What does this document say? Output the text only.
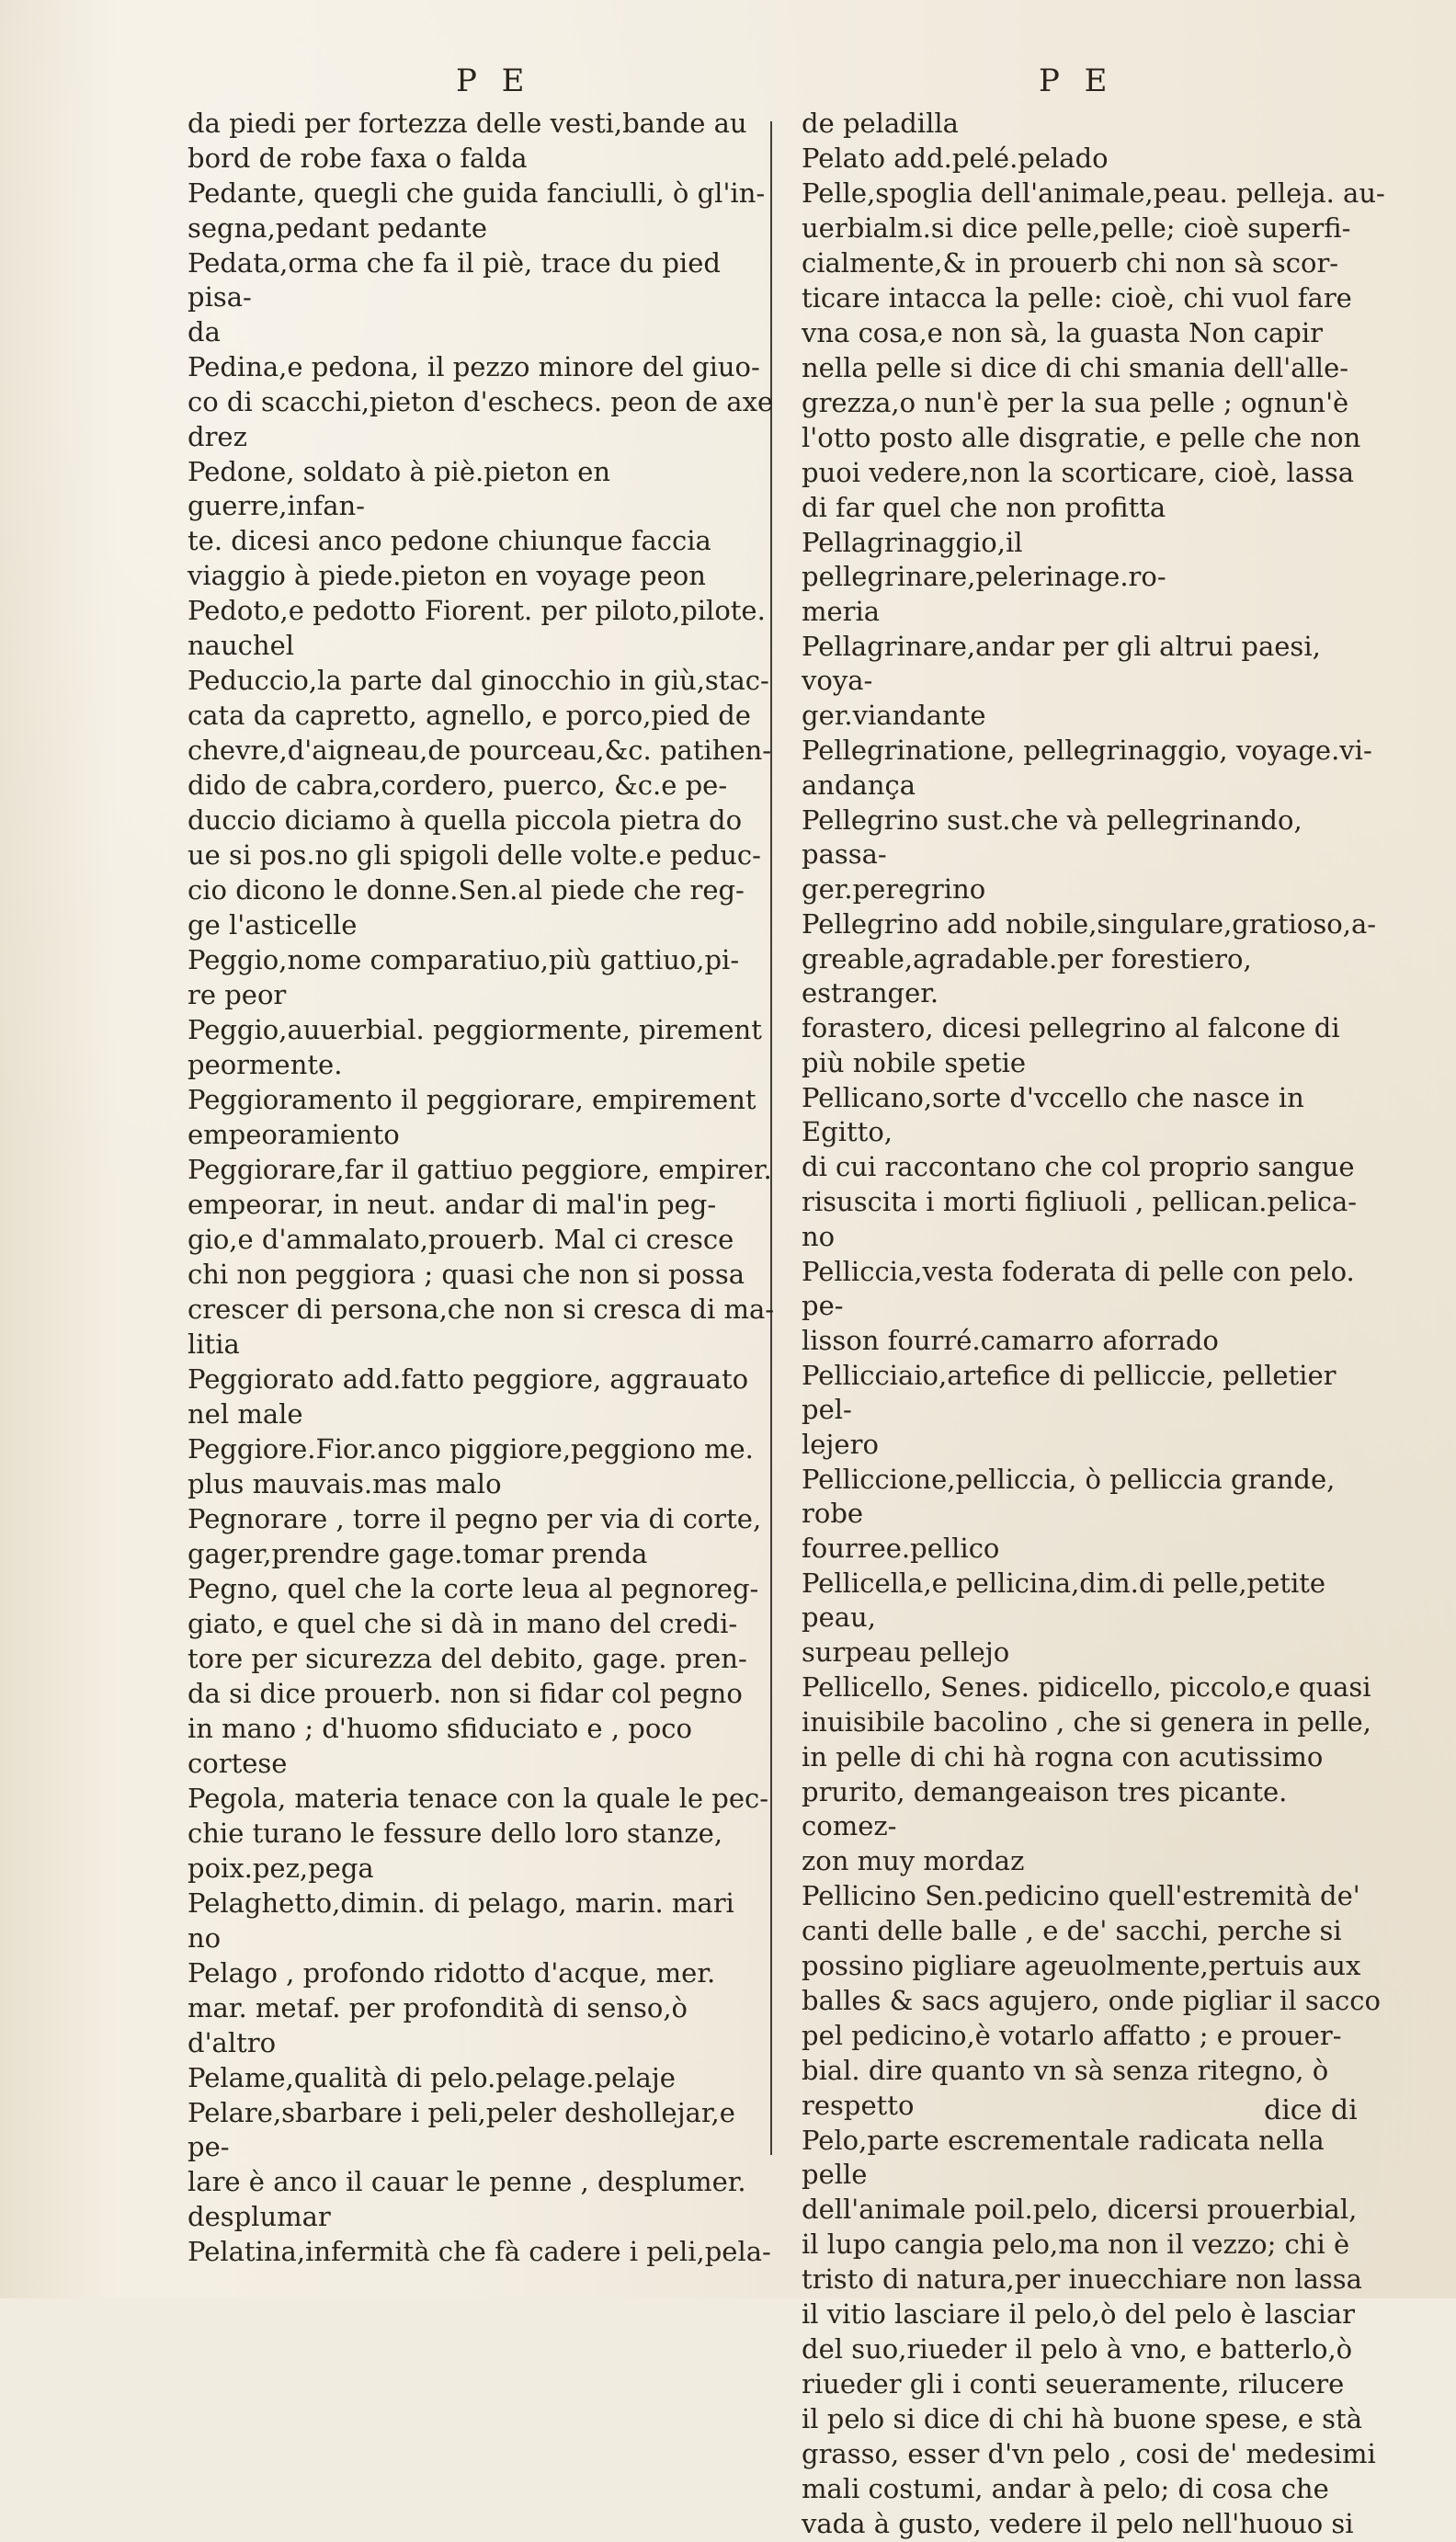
P E	P E
da piedi per fortezza delle vesti,bande au
bord de robe faxa o falda
Pedante, quegli che guida fanciulli, ò gl'in-
segna,pedant pedante
Pedata,orma che fa il piè, trace du pied pisa-
da
Pedina,e pedona, il pezzo minore del giuo-
co di scacchi,pieton d'eschecs. peon de axe
drez
Pedone, soldato à piè.pieton en guerre,infan-
te. dicesi anco pedone chiunque faccia
viaggio à piede.pieton en voyage peon
Pedoto,e pedotto Fiorent. per piloto,pilote.
nauchel
Peduccio,la parte dal ginocchio in giù,stac-
cata da capretto, agnello, e porco,pied de
chevre,d'aigneau,de pourceau,&c. patihen-
dido de cabra,cordero, puerco, &c.e pe-
duccio diciamo à quella piccola pietra do
ue si pos.no gli spigoli delle volte.e peduc-
cio dicono le donne.Sen.al piede che reg-
ge l'asticelle
Peggio,nome comparatiuo,più gattiuo,pi-
re peor
Peggio,auuerbial. peggiormente, pirement
peormente.
Peggioramento il peggiorare, empirement
empeoramiento
Peggiorare,far il gattiuo peggiore, empirer.
empeorar, in neut. andar di mal'in peg-
gio,e d'ammalato,prouerb. Mal ci cresce
chi non peggiora ; quasi che non si possa
crescer di persona,che non si cresca di ma-
litia
Peggiorato add.fatto peggiore, aggrauato
nel male
Peggiore.Fior.anco piggiore,peggiono me.
plus mauvais.mas malo
Pegnorare , torre il pegno per via di corte,
gager,prendre gage.tomar prenda
Pegno, quel che la corte leua al pegnoreg-
giato, e quel che si dà in mano del credi-
tore per sicurezza del debito, gage. pren-
da si dice prouerb. non si fidar col pegno
in mano ; d'huomo sfiduciato e , poco
cortese
Pegola, materia tenace con la quale le pec-
chie turano le fessure dello loro stanze,
poix.pez,pega
Pelaghetto,dimin. di pelago, marin. mari
no
Pelago , profondo ridotto d'acque, mer.
mar. metaf. per profondità di senso,ò
d'altro
Pelame,qualità di pelo.pelage.pelaje
Pelare,sbarbare i peli,peler deshollejar,e pe-
lare è anco il cauar le penne , desplumer.
desplumar
Pelatina,infermità che fà cadere i peli,pela-
de peladilla
Pelato add.pelé.pelado
Pelle,spoglia dell'animale,peau. pelleja. au-
uerbialm.si dice pelle,pelle; cioè superfi-
cialmente,& in prouerb chi non sà scor-
ticare intacca la pelle: cioè, chi vuol fare
vna cosa,e non sà, la guasta Non capir
nella pelle si dice di chi smania dell'alle-
grezza,o nun'è per la sua pelle ; ognun'è
l'otto posto alle disgratie, e pelle che non
puoi vedere,non la scorticare, cioè, lassa
di far quel che non profitta
Pellagrinaggio,il pellegrinare,pelerinage.ro-
meria
Pellagrinare,andar per gli altrui paesi, voya-
ger.viandante
Pellegrinatione, pellegrinaggio, voyage.vi-
andança
Pellegrino sust.che và pellegrinando, passa-
ger.peregrino
Pellegrino add nobile,singulare,gratioso,a-
greable,agradable.per forestiero, estranger.
forastero, dicesi pellegrino al falcone di
più nobile spetie
Pellicano,sorte d'vccello che nasce in Egitto,
di cui raccontano che col proprio sangue
risuscita i morti figliuoli , pellican.pelica-
no
Pelliccia,vesta foderata di pelle con pelo. pe-
lisson fourré.camarro aforrado
Pellicciaio,artefice di pelliccie, pelletier pel-
lejero
Pelliccione,pelliccia, ò pelliccia grande, robe
fourree.pellico
Pellicella,e pellicina,dim.di pelle,petite peau,
surpeau pellejo
Pellicello, Senes. pidicello, piccolo,e quasi
inuisibile bacolino , che si genera in pelle,
in pelle di chi hà rogna con acutissimo
prurito, demangeaison tres picante. comez-
zon muy mordaz
Pellicino Sen.pedicino quell'estremità de'
canti delle balle , e de' sacchi, perche si
possino pigliare ageuolmente,pertuis aux
balles & sacs agujero, onde pigliar il sacco
pel pedicino,è votarlo affatto ; e prouer-
bial. dire quanto vn sà senza ritegno, ò
respetto
Pelo,parte escrementale radicata nella pelle
dell'animale poil.pelo, dicersi prouerbial,
il lupo cangia pelo,ma non il vezzo; chi è
tristo di natura,per inuecchiare non lassa
il vitio lasciare il pelo,ò del pelo è lasciar
del suo,riueder il pelo à vno, e batterlo,ò
riueder gli i conti seueramente, rilucere
il pelo si dice di chi hà buone spese, e stà
grasso, esser d'vn pelo , cosi de' medesimi
mali costumi, andar à pelo; di cosa che
vada à gusto, vedere il pelo nell'huouo si
dice di
